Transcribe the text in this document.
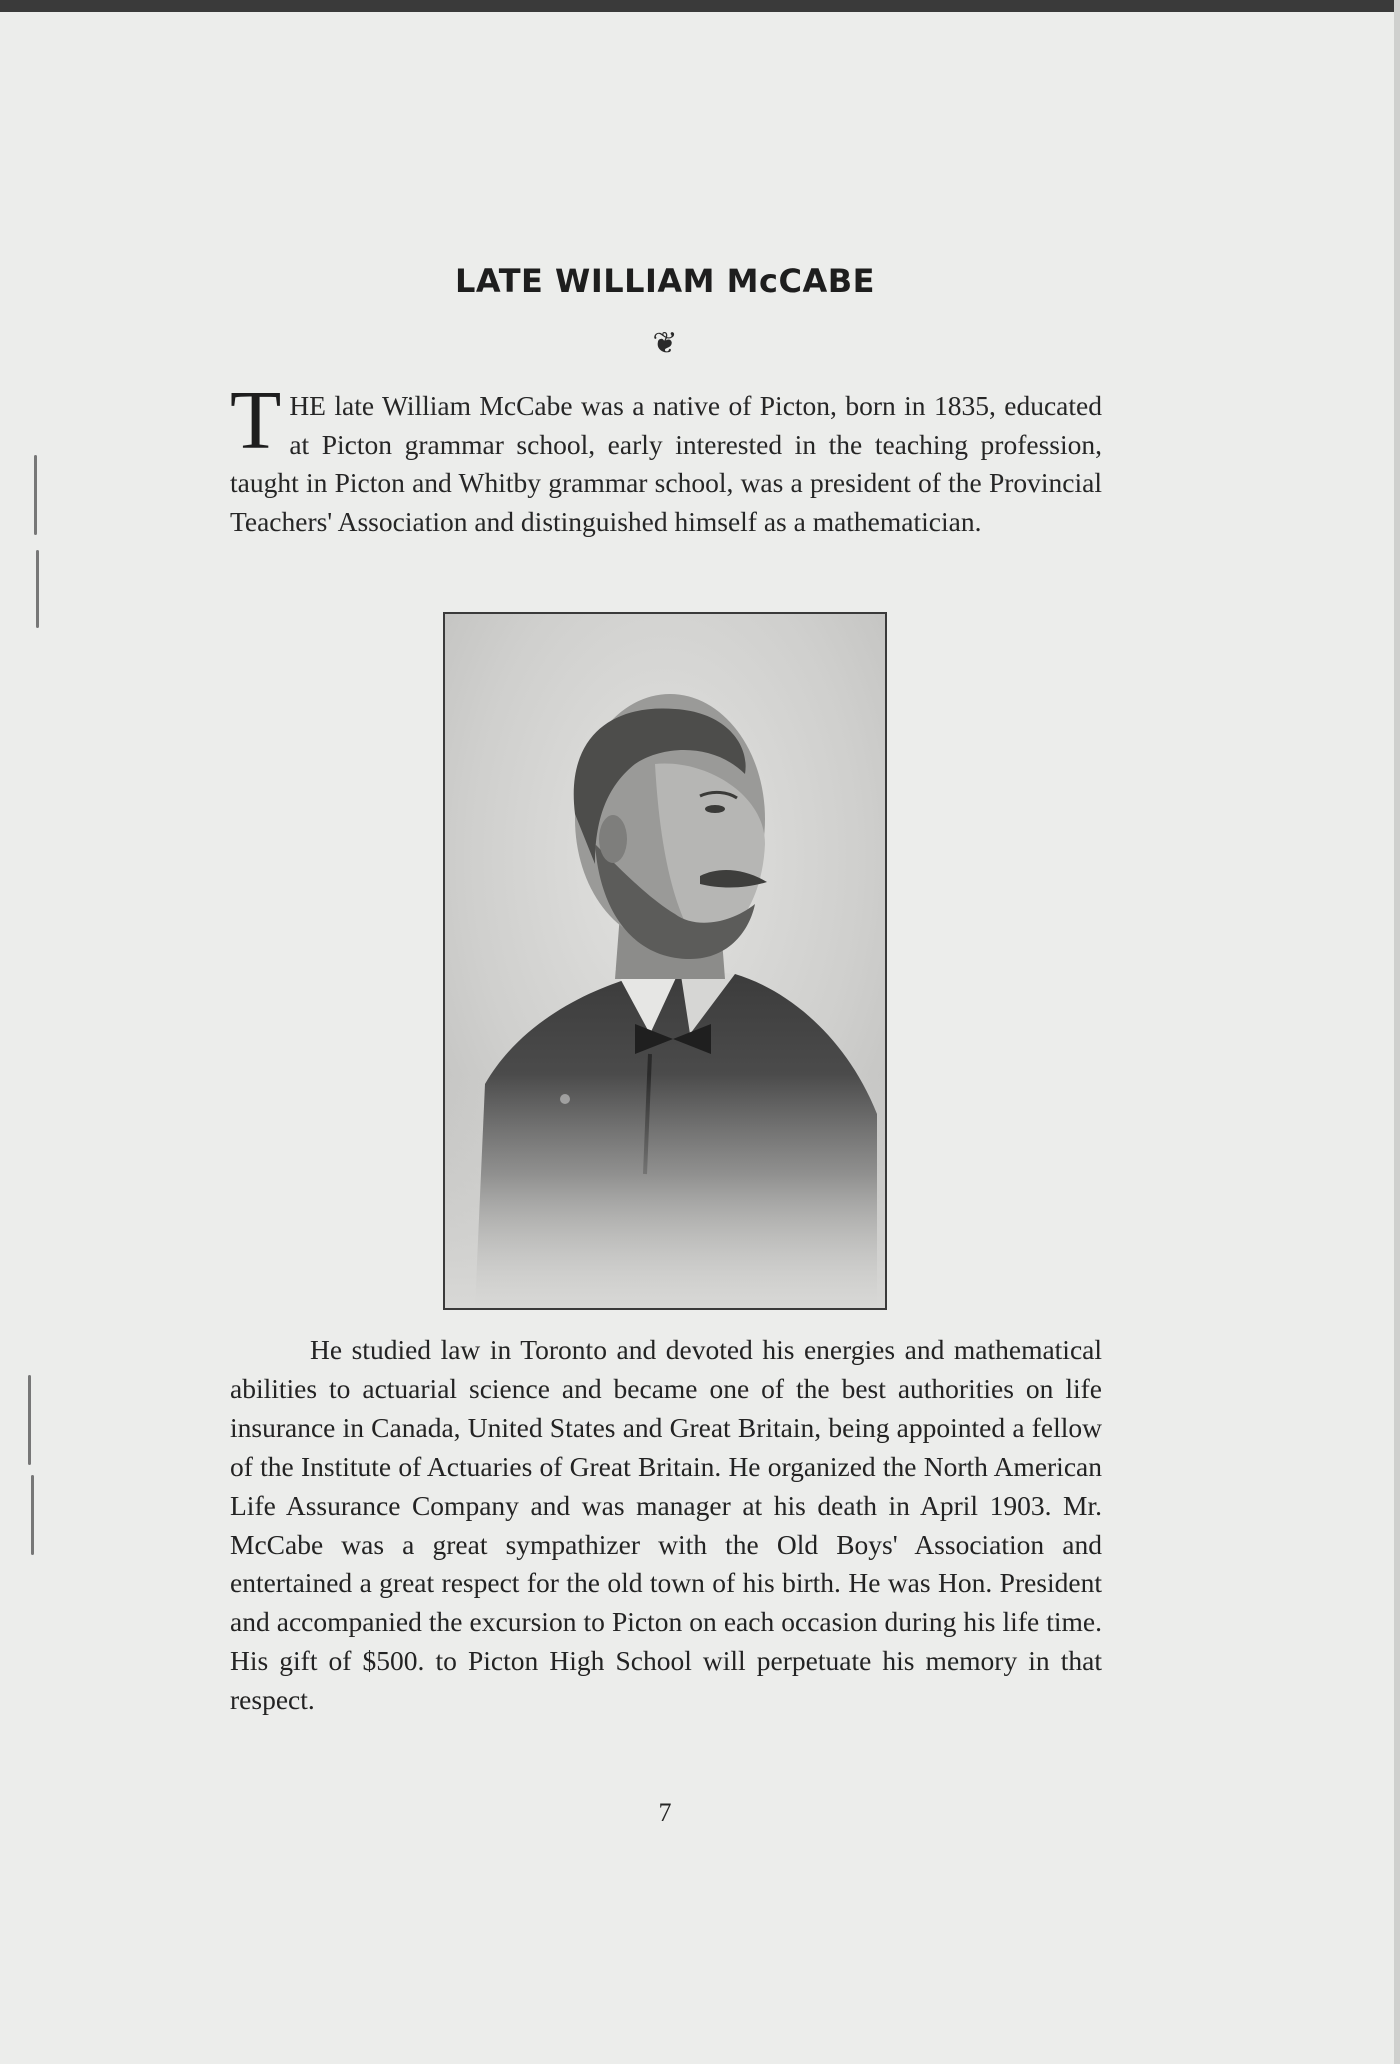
LATE WILLIAM McCABE
❦
T HE late William McCabe was a native of Picton, born in 1835, educated at Picton grammar school, early interested in the teaching profession, taught in Picton and Whitby grammar school, was a president of the Provincial Teachers' Association and distinguished himself as a mathematician.
He studied law in Toronto and devoted his energies and mathematical abilities to actuarial science and became one of the best authorities on life insurance in Canada, United States and Great Britain, being appointed a fellow of the Institute of Actuaries of Great Britain. He organized the North American Life Assurance Company and was manager at his death in April 1903. Mr. McCabe was a great sympathizer with the Old Boys' Association and entertained a great respect for the old town of his birth. He was Hon. President and accompanied the excursion to Picton on each occasion during his life time. His gift of $500. to Picton High School will perpetuate his memory in that respect.
7
